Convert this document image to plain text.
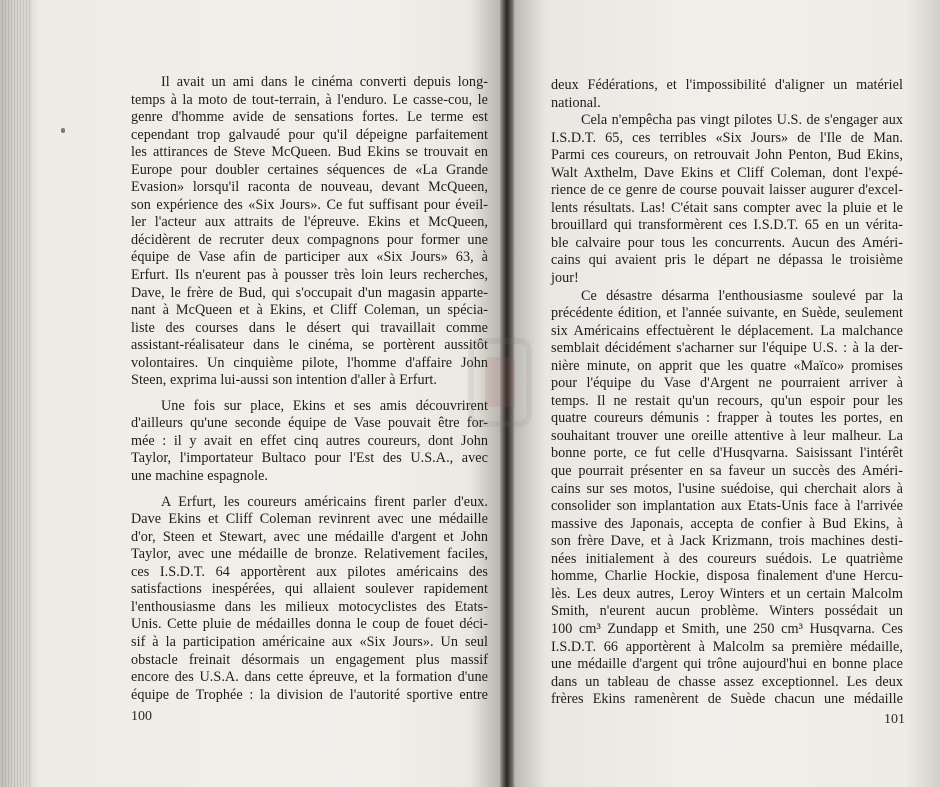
Il avait un ami dans le cinéma converti depuis long-

temps à la moto de tout-terrain, à l'enduro. Le casse-cou, le

genre d'homme avide de sensations fortes. Le terme est

cependant trop galvaudé pour qu'il dépeigne parfaitement

les attirances de Steve McQueen. Bud Ekins se trouvait en

Europe pour doubler certaines séquences de «La Grande

Evasion» lorsqu'il raconta de nouveau, devant McQueen,

son expérience des «Six Jours». Ce fut suffisant pour éveil-

ler l'acteur aux attraits de l'épreuve. Ekins et McQueen,

décidèrent de recruter deux compagnons pour former une

équipe de Vase afin de participer aux «Six Jours» 63, à

Erfurt. Ils n'eurent pas à pousser très loin leurs recherches,

Dave, le frère de Bud, qui s'occupait d'un magasin apparte-

nant à McQueen et à Ekins, et Cliff Coleman, un spécia-

liste des courses dans le désert qui travaillait comme

assistant-réalisateur dans le cinéma, se portèrent aussitôt

volontaires. Un cinquième pilote, l'homme d'affaire John

Steen, exprima lui-aussi son intention d'aller à Erfurt.

Une fois sur place, Ekins et ses amis découvrirent

d'ailleurs qu'une seconde équipe de Vase pouvait être for-

mée : il y avait en effet cinq autres coureurs, dont John

Taylor, l'importateur Bultaco pour l'Est des U.S.A., avec

une machine espagnole.

A Erfurt, les coureurs américains firent parler d'eux.

Dave Ekins et Cliff Coleman revinrent avec une médaille

d'or, Steen et Stewart, avec une médaille d'argent et John

Taylor, avec une médaille de bronze. Relativement faciles,

ces I.S.D.T. 64 apportèrent aux pilotes américains des

satisfactions inespérées, qui allaient soulever rapidement

l'enthousiasme dans les milieux motocyclistes des Etats-

Unis. Cette pluie de médailles donna le coup de fouet déci-

sif à la participation américaine aux «Six Jours». Un seul

obstacle freinait désormais un engagement plus massif

encore des U.S.A. dans cette épreuve, et la formation d'une

équipe de Trophée : la division de l'autorité sportive entre

100

deux Fédérations, et l'impossibilité d'aligner un matériel

national.

Cela n'empêcha pas vingt pilotes U.S. de s'engager aux

I.S.D.T. 65, ces terribles «Six Jours» de l'Ile de Man.

Parmi ces coureurs, on retrouvait John Penton, Bud Ekins,

Walt Axthelm, Dave Ekins et Cliff Coleman, dont l'expé-

rience de ce genre de course pouvait laisser augurer d'excel-

lents résultats. Las! C'était sans compter avec la pluie et le

brouillard qui transformèrent ces I.S.D.T. 65 en un vérita-

ble calvaire pour tous les concurrents. Aucun des Améri-

cains qui avaient pris le départ ne dépassa le troisième

jour!

Ce désastre désarma l'enthousiasme soulevé par la

précédente édition, et l'année suivante, en Suède, seulement

six Américains effectuèrent le déplacement. La malchance

semblait décidément s'acharner sur l'équipe U.S. : à la der-

nière minute, on apprit que les quatre «Maïco» promises

pour l'équipe du Vase d'Argent ne pourraient arriver à

temps. Il ne restait qu'un recours, qu'un espoir pour les

quatre coureurs démunis : frapper à toutes les portes, en

souhaitant trouver une oreille attentive à leur malheur. La

bonne porte, ce fut celle d'Husqvarna. Saisissant l'intérêt

que pourrait présenter en sa faveur un succès des Améri-

cains sur ses motos, l'usine suédoise, qui cherchait alors à

consolider son implantation aux Etats-Unis face à l'arrivée

massive des Japonais, accepta de confier à Bud Ekins, à

son frère Dave, et à Jack Krizmann, trois machines desti-

nées initialement à des coureurs suédois. Le quatrième

homme, Charlie Hockie, disposa finalement d'une Hercu-

lès. Les deux autres, Leroy Winters et un certain Malcolm

Smith, n'eurent aucun problème. Winters possédait un

100 cm³ Zundapp et Smith, une 250 cm³ Husqvarna. Ces

I.S.D.T. 66 apportèrent à Malcolm sa première médaille,

une médaille d'argent qui trône aujourd'hui en bonne place

dans un tableau de chasse assez exceptionnel. Les deux

frères Ekins ramenèrent de Suède chacun une médaille

101
